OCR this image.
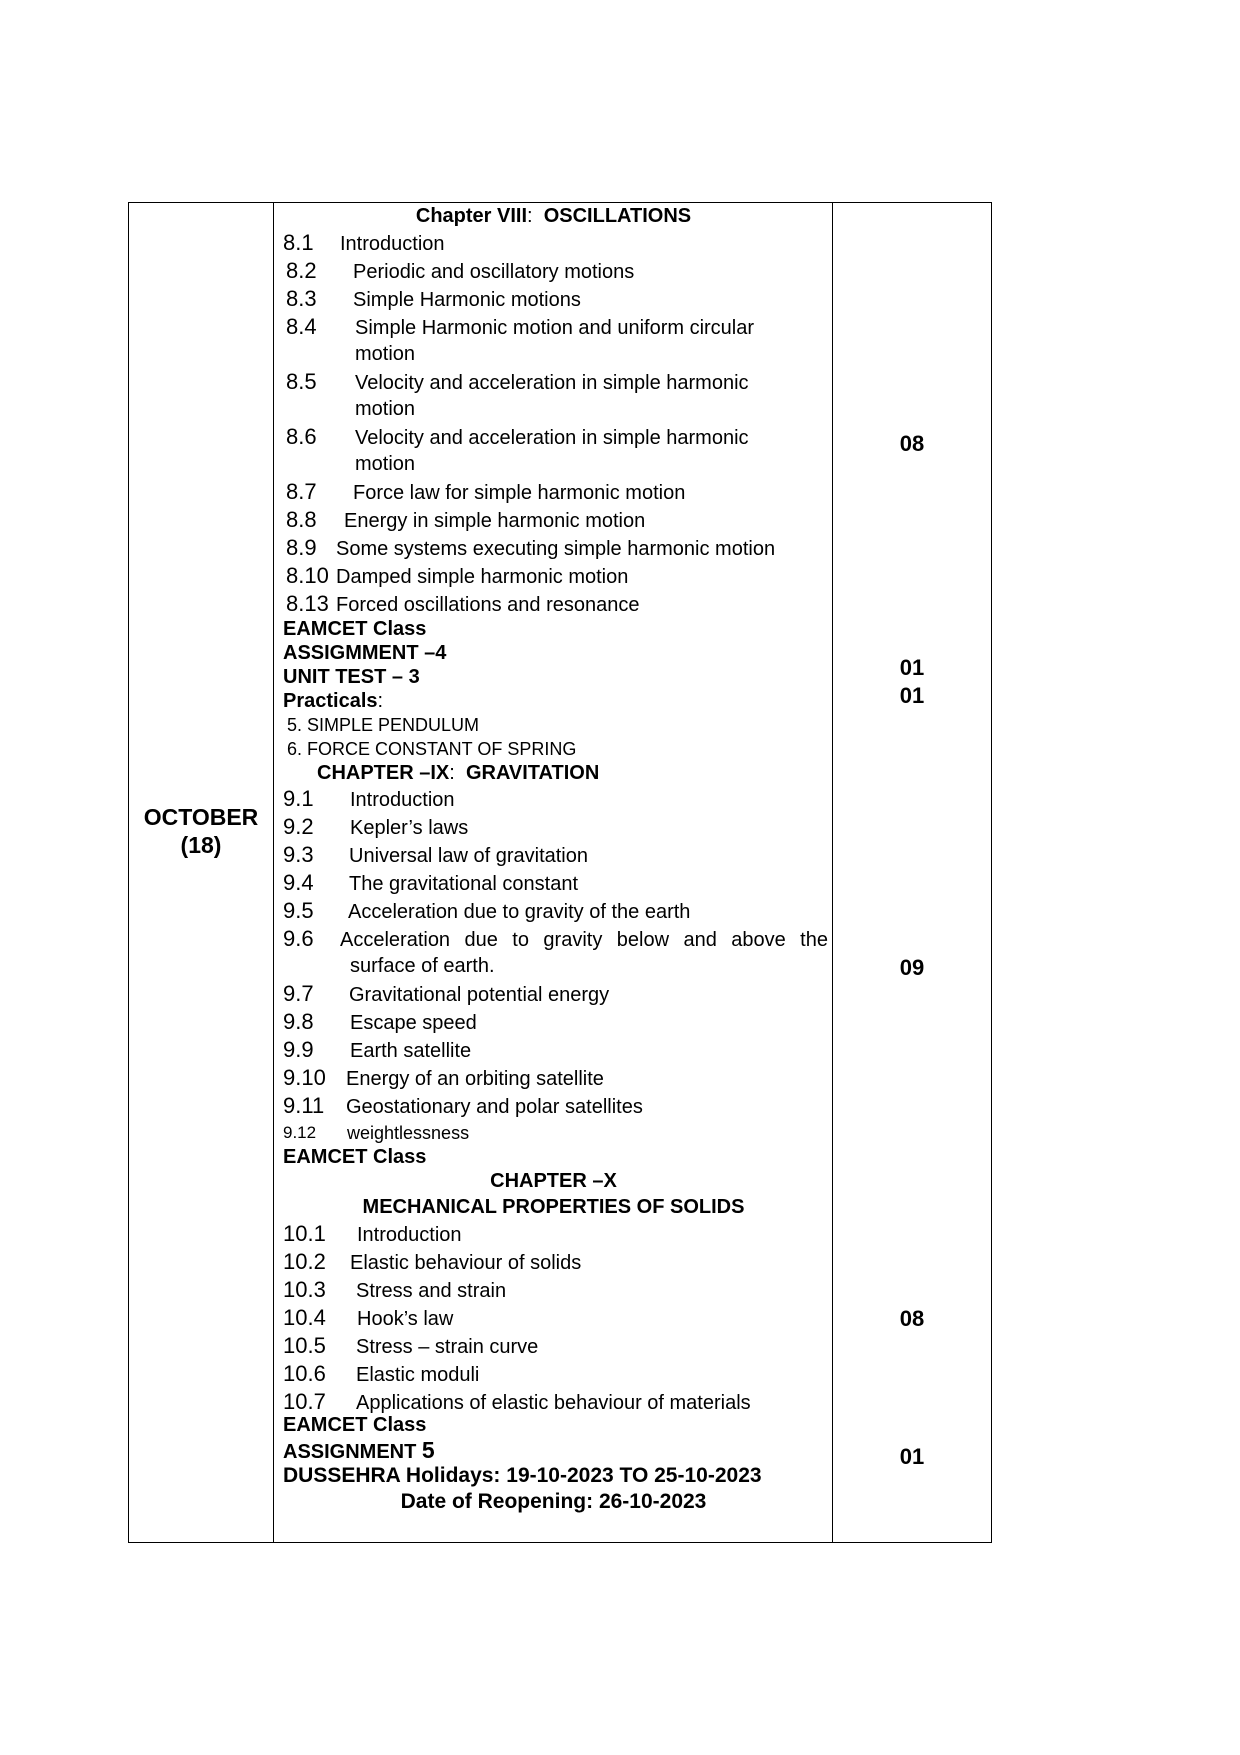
OCTOBER
(18)
08
01
01
09
08
01
Chapter VIII: OSCILLATIONS
8.1 Introduction
8.2 Periodic and oscillatory motions
8.3 Simple Harmonic motions
8.4 Simple Harmonic motion and uniform circular
motion
8.5 Velocity and acceleration in simple harmonic
motion
8.6 Velocity and acceleration in simple harmonic
motion
8.7 Force law for simple harmonic motion
8.8 Energy in simple harmonic motion
8.9 Some systems executing simple harmonic motion
8.10 Damped simple harmonic motion
8.13 Forced oscillations and resonance
EAMCET Class
ASSIGMMENT –4
UNIT TEST – 3
Practicals:
5. SIMPLE PENDULUM
6. FORCE CONSTANT OF SPRING
CHAPTER –IX: GRAVITATION
9.1 Introduction
9.2 Kepler’s laws
9.3 Universal law of gravitation
9.4 The gravitational constant
9.5 Acceleration due to gravity of the earth
9.6 Acceleration due to gravity below and above the
surface of earth.
9.7 Gravitational potential energy
9.8 Escape speed
9.9 Earth satellite
9.10 Energy of an orbiting satellite
9.11 Geostationary and polar satellites
9.12 weightlessness
EAMCET Class
CHAPTER –X
MECHANICAL PROPERTIES OF SOLIDS
10.1 Introduction
10.2 Elastic behaviour of solids
10.3 Stress and strain
10.4 Hook’s law
10.5 Stress – strain curve
10.6 Elastic moduli
10.7 Applications of elastic behaviour of materials
EAMCET Class
ASSIGNMENT 5
DUSSEHRA Holidays: 19-10-2023 TO 25-10-2023
Date of Reopening: 26-10-2023
